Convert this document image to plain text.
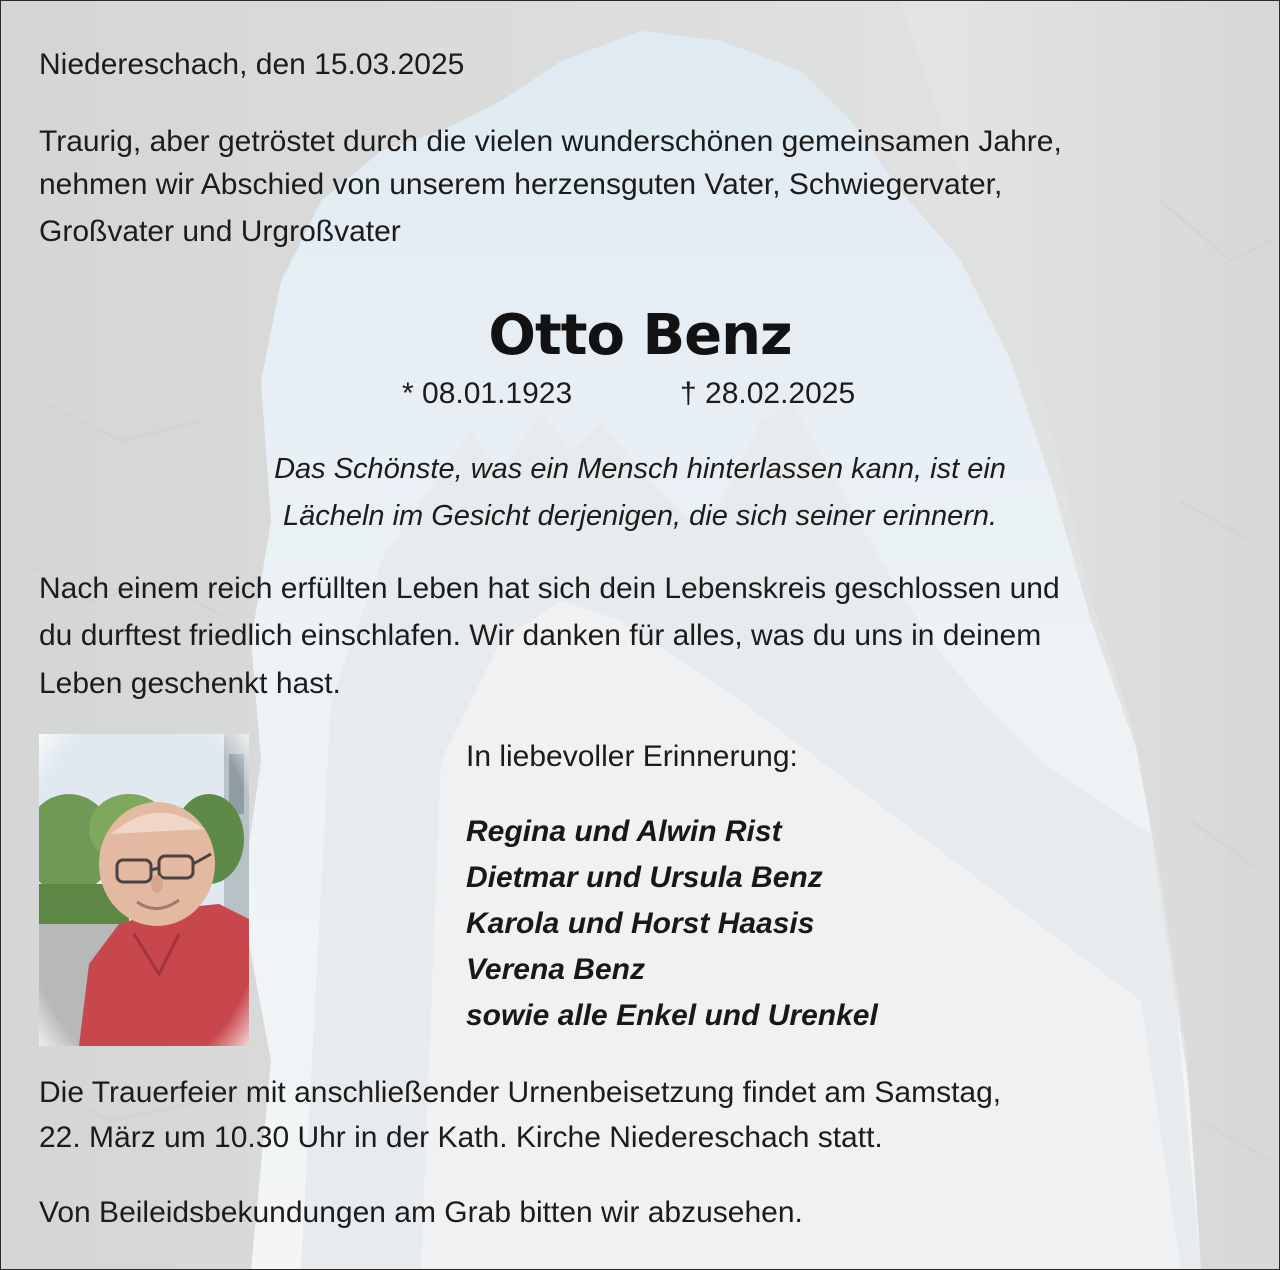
Niedereschach, den 15.03.2025

Traurig, aber getröstet durch die vielen wunderschönen gemeinsamen Jahre,

nehmen wir Abschied von unserem herzensguten Vater, Schwiegervater,

Großvater und Urgroßvater

Otto Benz

* 08.01.1923	† 28.02.2025

Das Schönste, was ein Mensch hinterlassen kann, ist ein

Lächeln im Gesicht derjenigen, die sich seiner erinnern.

Nach einem reich erfüllten Leben hat sich dein Lebenskreis geschlossen und

du durftest friedlich einschlafen. Wir danken für alles, was du uns in deinem

Leben geschenkt hast.

In liebevoller Erinnerung:

Regina und Alwin Rist
Dietmar und Ursula Benz
Karola und Horst Haasis
Verena Benz
sowie alle Enkel und Urenkel

Die Trauerfeier mit anschließender Urnenbeisetzung findet am Samstag,

22. März um 10.30 Uhr in der Kath. Kirche Niedereschach statt.

Von Beileidsbekundungen am Grab bitten wir abzusehen.
